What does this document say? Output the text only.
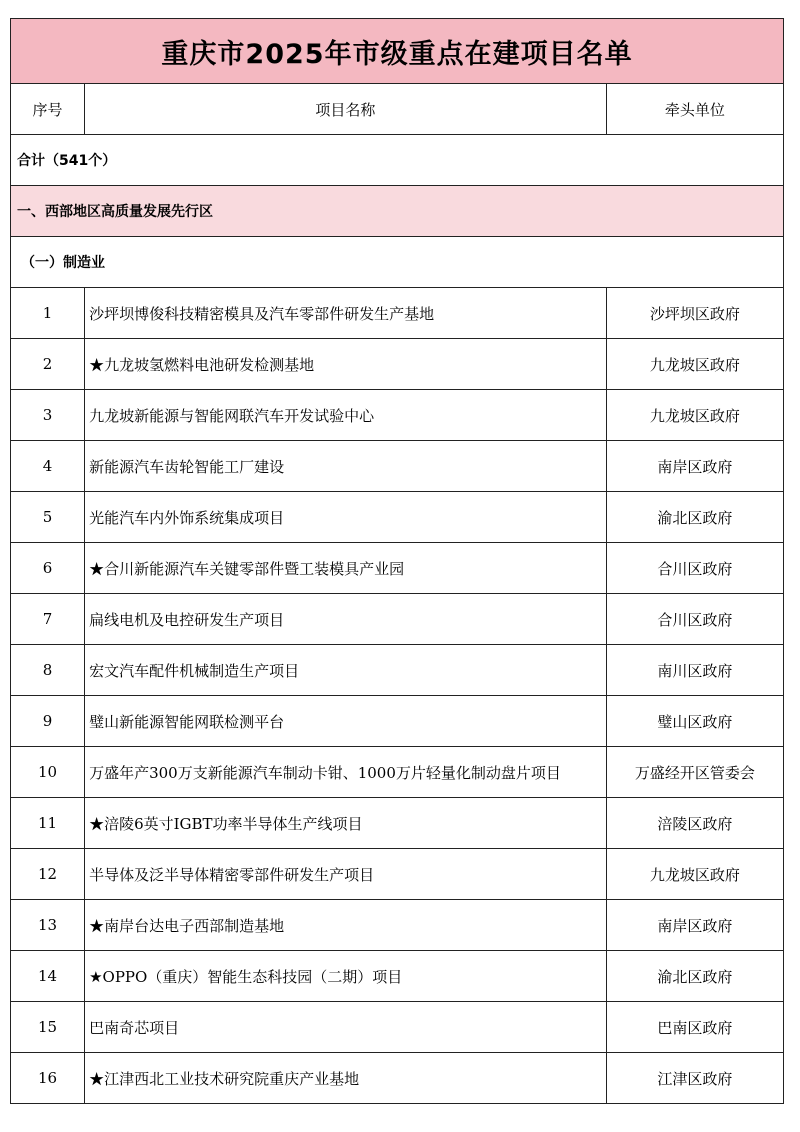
重庆市2025年市级重点在建项目名单		
序号	项目名称	牵头单位
合计（541个）		
一、西部地区高质量发展先行区		
（一）制造业		
1	沙坪坝博俊科技精密模具及汽车零部件研发生产基地	沙坪坝区政府
2	★九龙坡氢燃料电池研发检测基地	九龙坡区政府
3	九龙坡新能源与智能网联汽车开发试验中心	九龙坡区政府
4	新能源汽车齿轮智能工厂建设	南岸区政府
5	光能汽车内外饰系统集成项目	渝北区政府
6	★合川新能源汽车关键零部件暨工装模具产业园	合川区政府
7	扁线电机及电控研发生产项目	合川区政府
8	宏文汽车配件机械制造生产项目	南川区政府
9	璧山新能源智能网联检测平台	璧山区政府
10	万盛年产300万支新能源汽车制动卡钳、1000万片轻量化制动盘片项目	万盛经开区管委会
11	★涪陵6英寸IGBT功率半导体生产线项目	涪陵区政府
12	半导体及泛半导体精密零部件研发生产项目	九龙坡区政府
13	★南岸台达电子西部制造基地	南岸区政府
14	★OPPO（重庆）智能生态科技园（二期）项目	渝北区政府
15	巴南奇芯项目	巴南区政府
16	★江津西北工业技术研究院重庆产业基地	江津区政府
